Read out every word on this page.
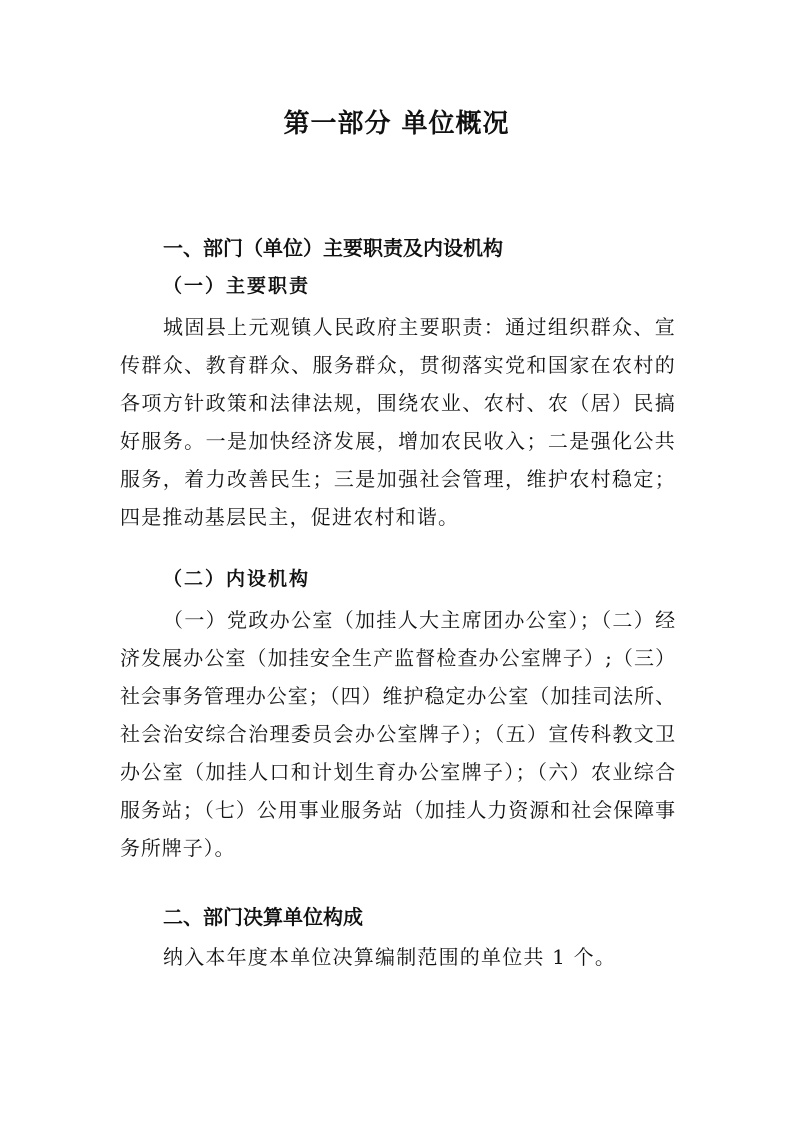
第一部分 单位概况
一、部门（单位）主要职责及内设机构
（一）主要职责

城固县上元观镇人民政府主要职责：通过组织群众、宣传群众、教育群众、服务群众，贯彻落实党和国家在农村的各项方针政策和法律法规，围绕农业、农村、农（居）民搞好服务。一是加快经济发展，增加农民收入；二是强化公共服务，着力改善民生；三是加强社会管理，维护农村稳定；四是推动基层民主，促进农村和谐。

（二）内设机构

（一）党政办公室（加挂人大主席团办公室）；（二）经济发展办公室（加挂安全生产监督检查办公室牌子）;（三）社会事务管理办公室；（四）维护稳定办公室（加挂司法所、社会治安综合治理委员会办公室牌子）；（五）宣传科教文卫办公室（加挂人口和计划生育办公室牌子）；（六）农业综合服务站；（七）公用事业服务站（加挂人力资源和社会保障事务所牌子）。

二、部门决算单位构成

纳入本年度本单位决算编制范围的单位共 1 个。
